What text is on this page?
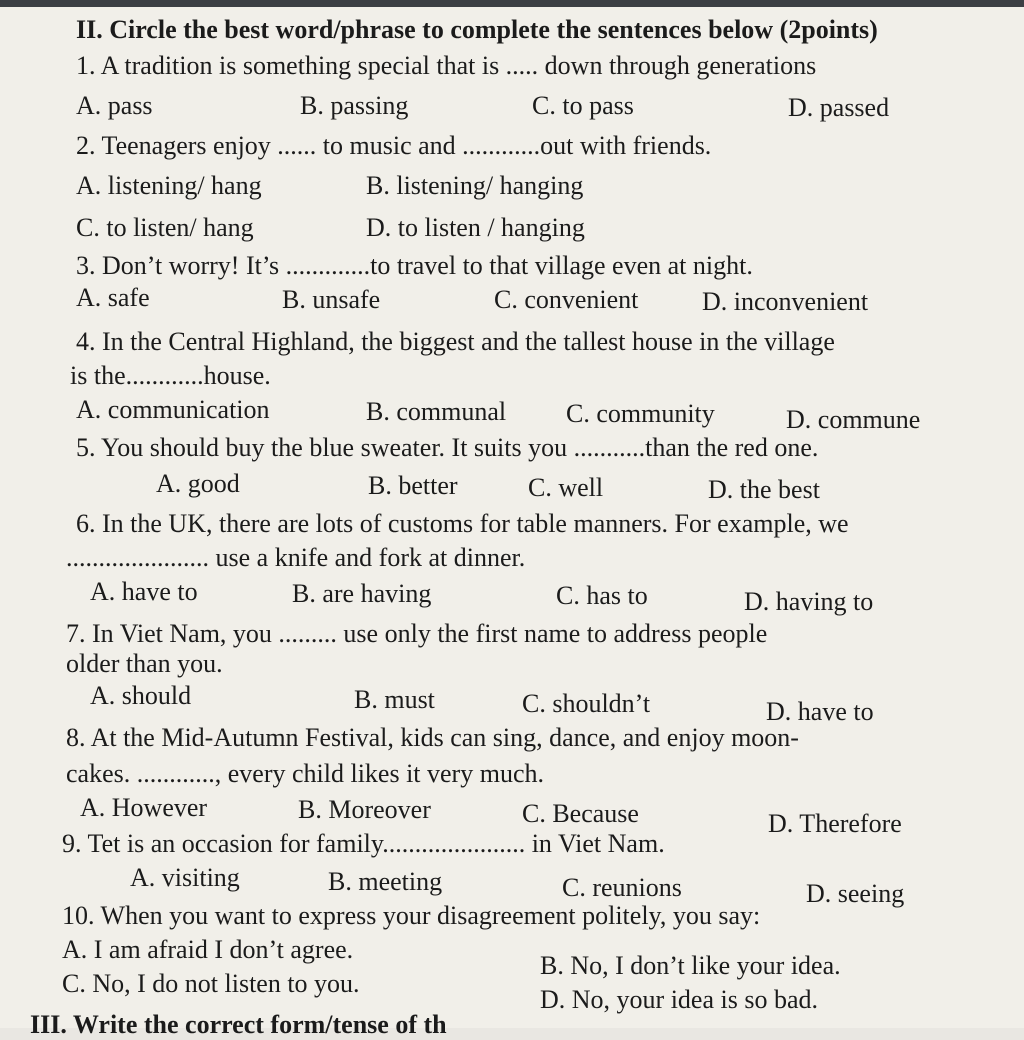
II. Circle the best word/phrase to complete the sentences below (2points)
1. A tradition is something special that is ..... down through generations
A. pass	B. passing	C. to pass	D. passed
2. Teenagers enjoy ...... to music and ............out with friends.
A. listening/ hang	B. listening/ hanging
C. to listen/ hang	D. to listen / hanging
3. Don’t worry! It’s .............to travel to that village even at night.
A. safe	B. unsafe	C. convenient D. inconvenient
4. In the Central Highland, the biggest and the tallest house in the village
is the............house.
A. communication	B. communal C. community	D. commune
5. You should buy the blue sweater. It suits you ...........than the red one.
A. good	B. better	C. well	D. the best
6. In the UK, there are lots of customs for table manners. For example, we
...................... use a knife and fork at dinner.
A. have to	B. are having	C. has to	D. having to
7. In Viet Nam, you ......... use only the first name to address people
older than you.
A. should	B. must	C. shouldn’t	D. have to
8. At the Mid-Autumn Festival, kids can sing, dance, and enjoy moon-
cakes. ............, every child likes it very much.
A. However	B. Moreover	C. Because	D. Therefore
9. Tet is an occasion for family...................... in Viet Nam.
A. visiting	B. meeting	C. reunions	D. seeing
10. When you want to express your disagreement politely, you say:
A. I am afraid I don’t agree.
B. No, I don’t like your idea.
C. No, I do not listen to you.
D. No, your idea is so bad.
III. Write the correct form/tense of th
